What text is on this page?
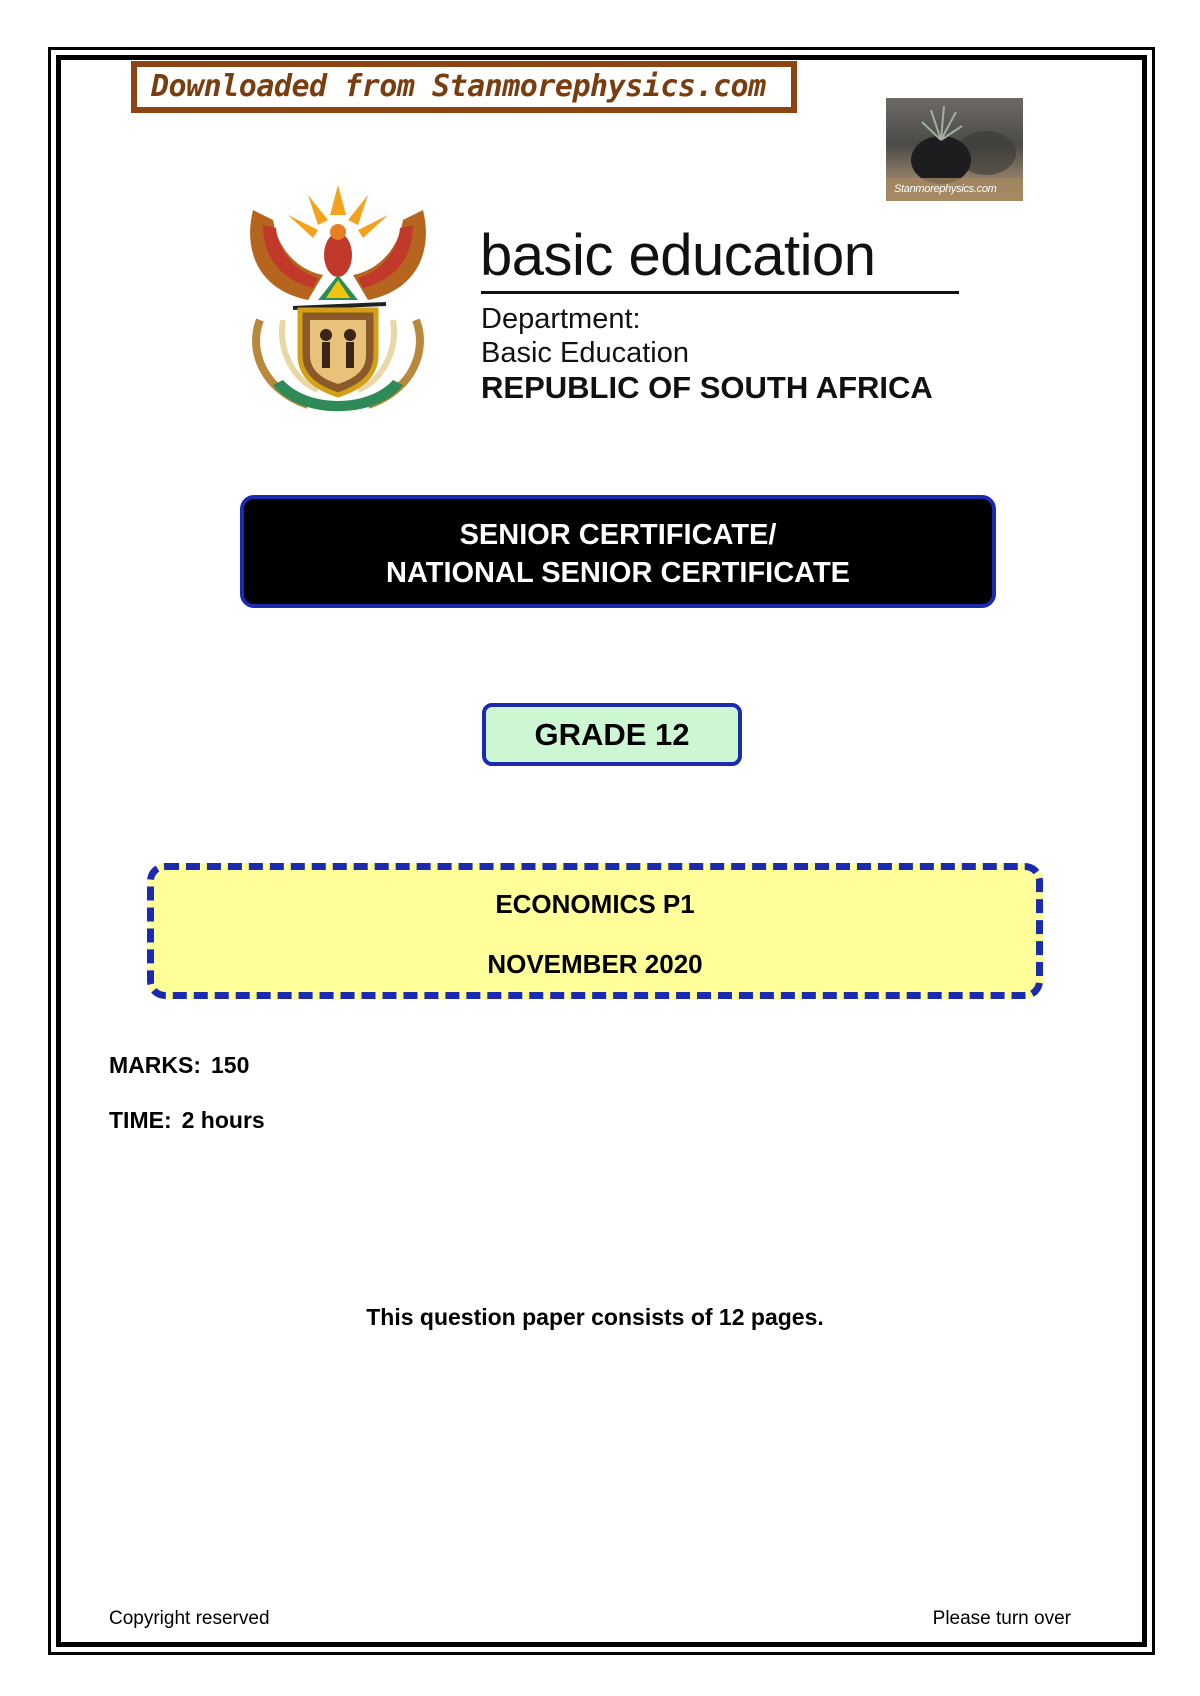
Downloaded from Stanmorephysics.com
Stanmorephysics.com
basic education
Department:
Basic Education
REPUBLIC OF SOUTH AFRICA
SENIOR CERTIFICATE/
NATIONAL SENIOR CERTIFICATE
GRADE 12
ECONOMICS P1
NOVEMBER 2020
MARKS: 150
TIME: 2 hours
This question paper consists of 12 pages.
Copyright reserved	Please turn over
